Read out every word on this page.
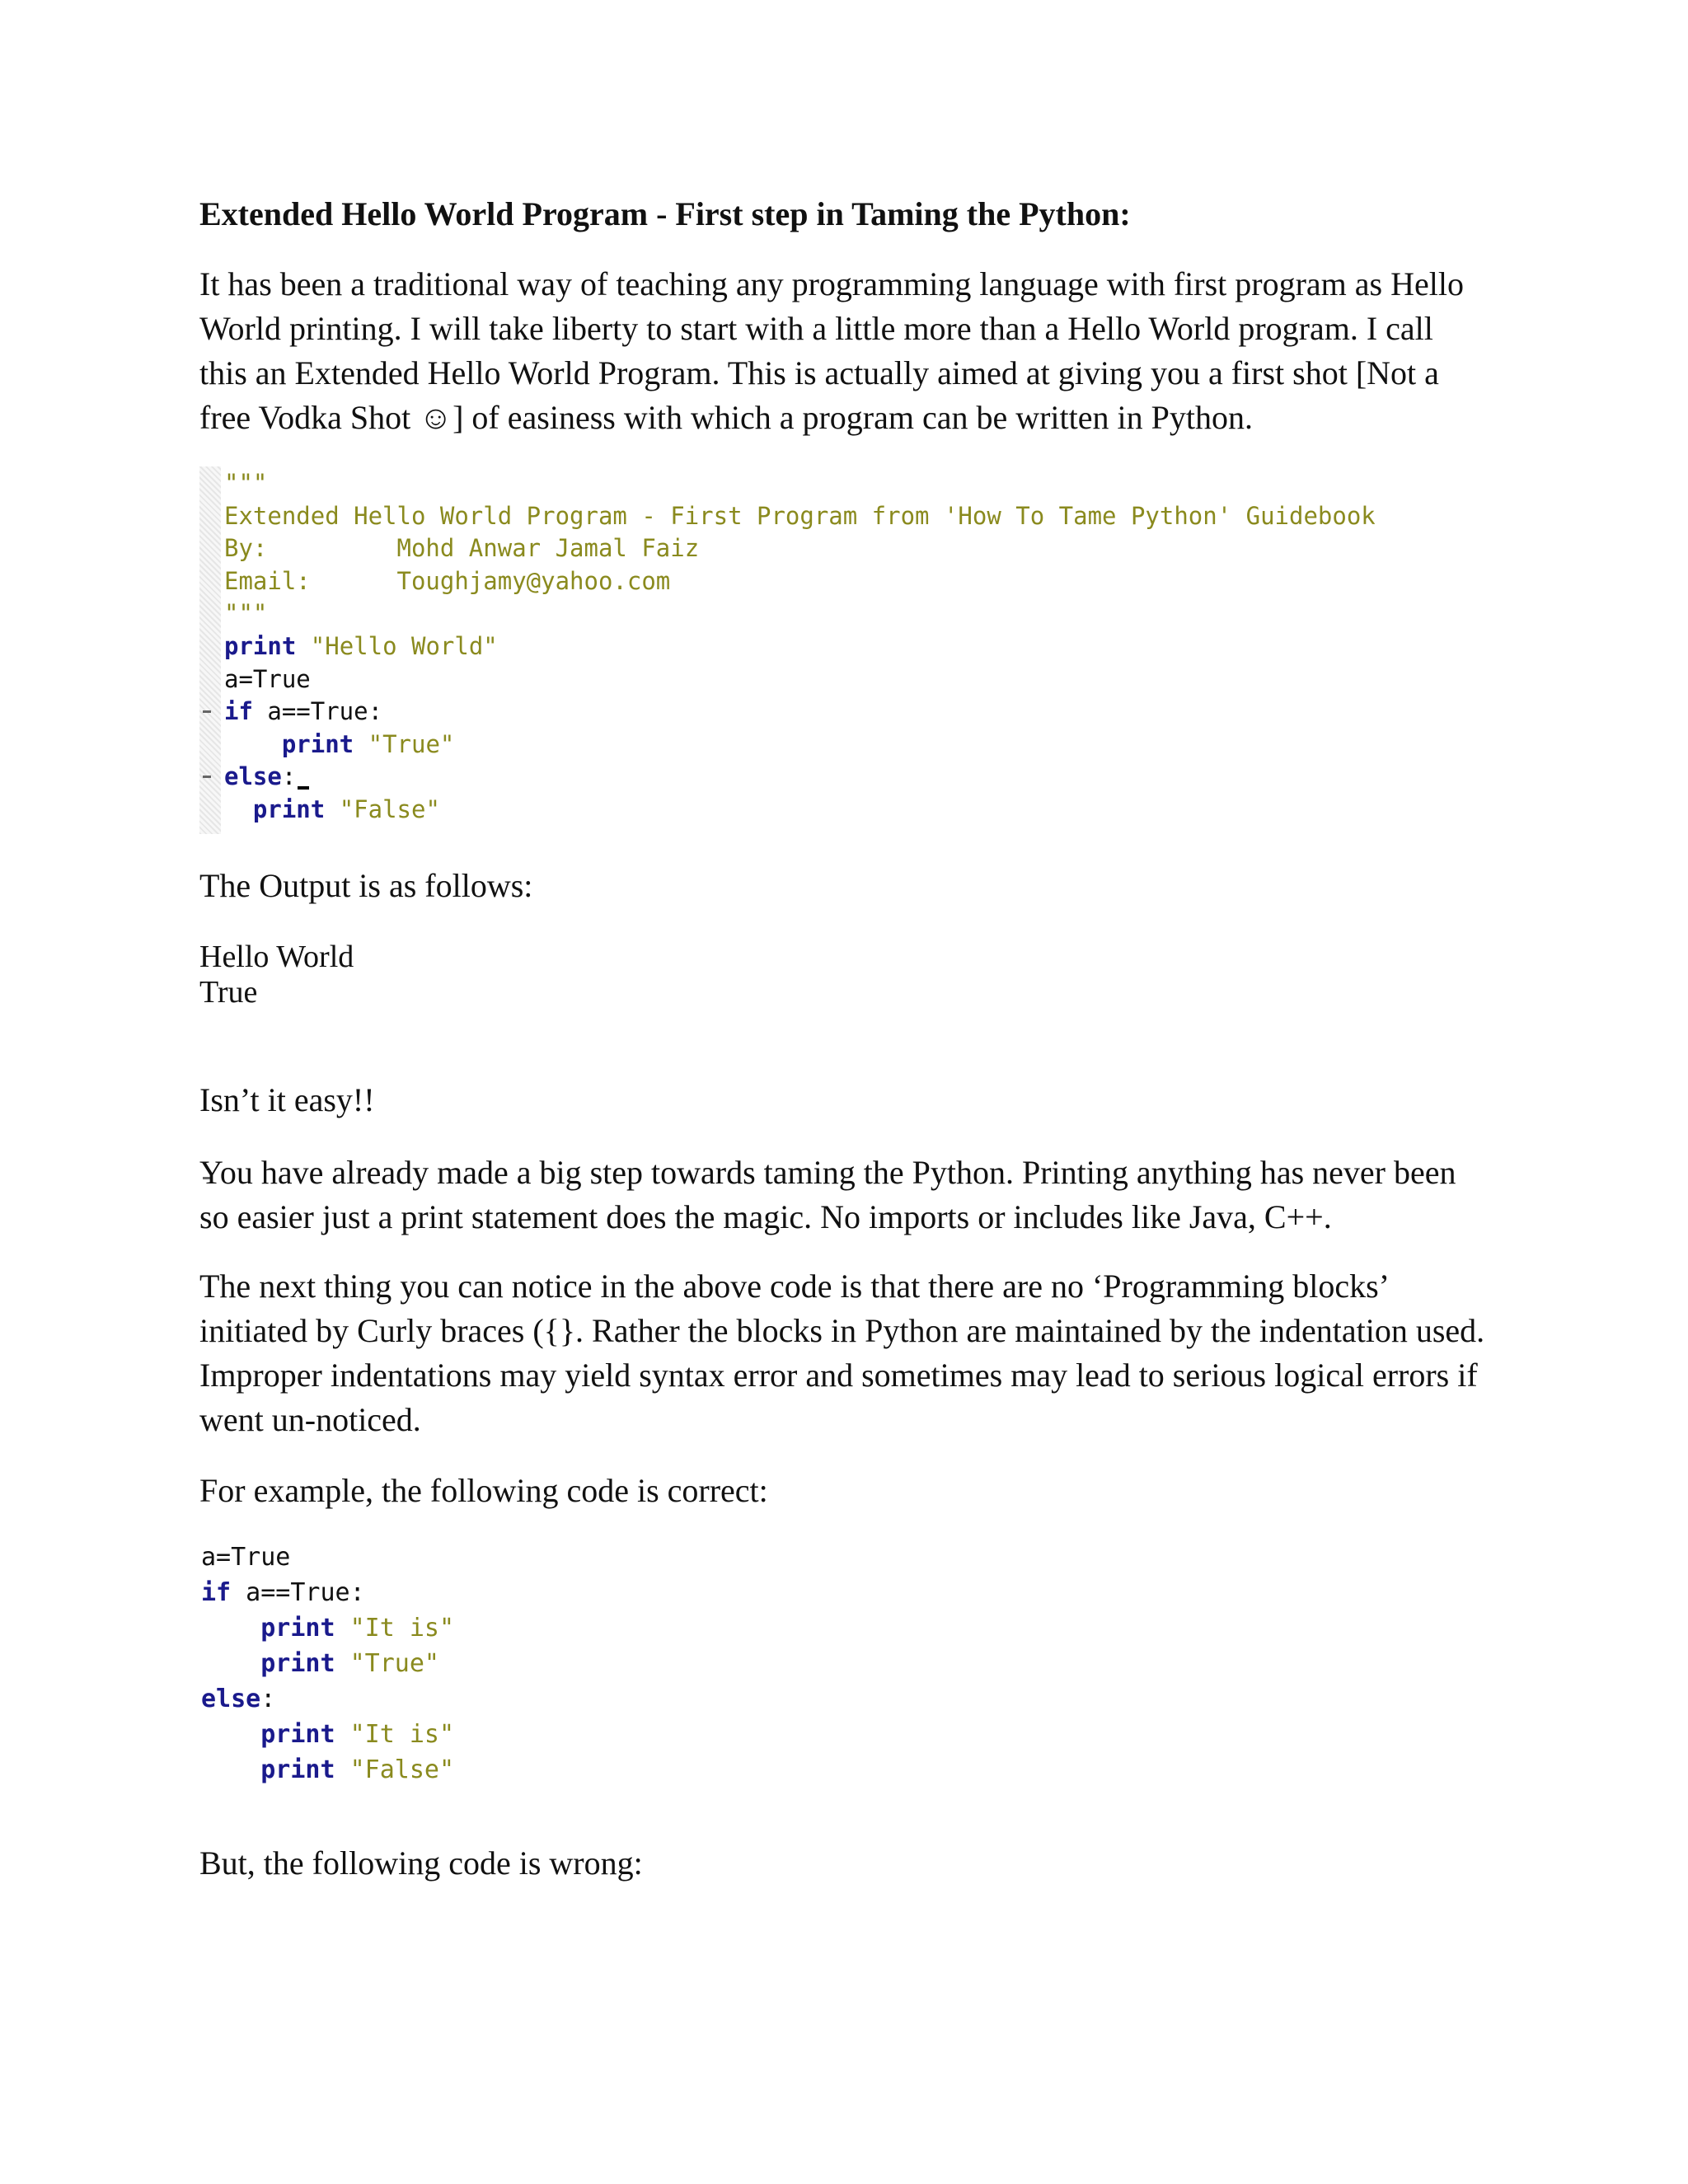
Extended Hello World Program - First step in Taming the Python:
It has been a traditional way of teaching any programming language with first program as Hello
World printing. I will take liberty to start with a little more than a Hello World program. I call
this an Extended Hello World Program. This is actually aimed at giving you a first shot [Not a
free Vodka Shot ☺] of easiness with which a program can be written in Python.
"""
Extended Hello World Program - First Program from 'How To Tame Python' Guidebook
By:         Mohd Anwar Jamal Faiz
Email:      Toughjamy@yahoo.com
"""
print "Hello World"
a=True
if a==True:
print "True"
else:
print "False"
The Output is as follows:
Hello World
True
Isn’t it easy!!
You have already made a big step towards taming the Python. Printing anything has never been
so easier just a print statement does the magic. No imports or includes like Java, C++.
The next thing you can notice in the above code is that there are no ‘Programming blocks’
initiated by Curly braces ({}. Rather the blocks in Python are maintained by the indentation used.
Improper indentations may yield syntax error and sometimes may lead to serious logical errors if
went un-noticed.
For example, the following code is correct:
a=True
if a==True:
print "It is"
print "True"
else:
print "It is"
print "False"
But, the following code is wrong:
